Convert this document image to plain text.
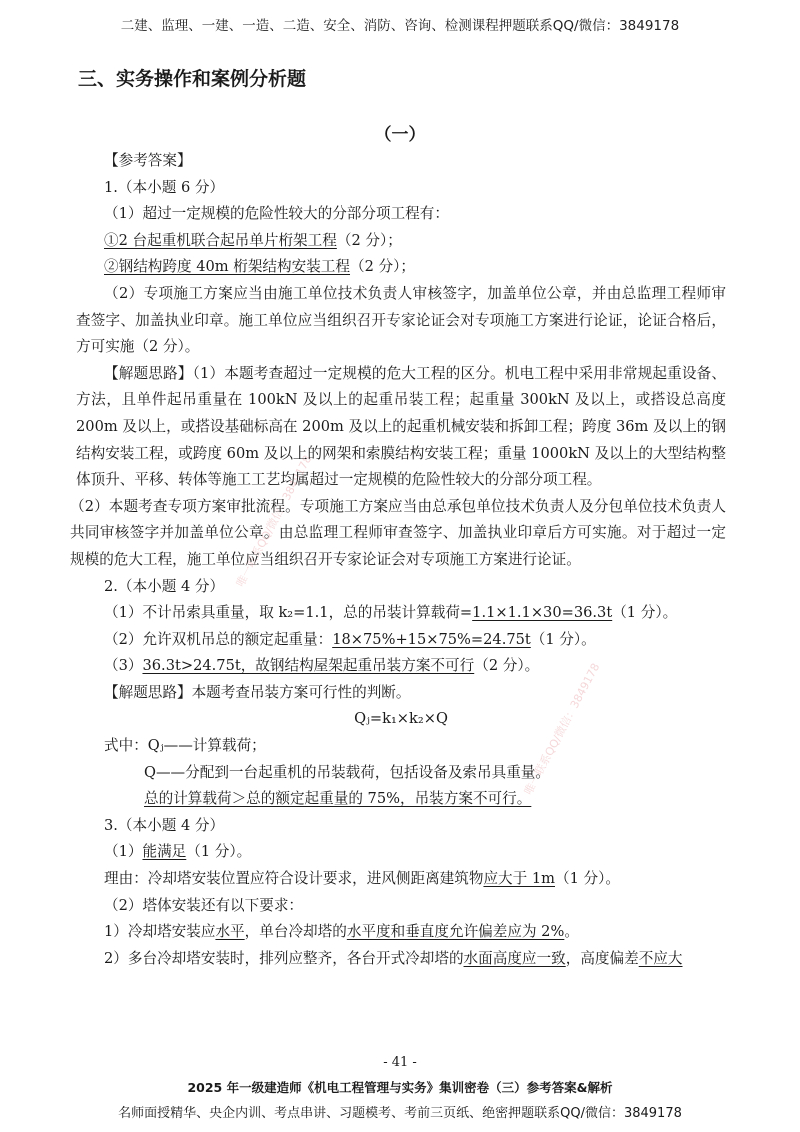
二建、监理、一建、一造、二造、安全、消防、咨询、检测课程押题联系QQ/微信：3849178
三、实务操作和案例分析题
（一）
唯一联系QQ/微信：3849178
唯一联系QQ/微信：3849178

【参考答案】

1.（本小题 6 分）

（1）超过一定规模的危险性较大的分部分项工程有：

①2 台起重机联合起吊单片桁架工程（2 分）；

②钢结构跨度 40m 桁架结构安装工程（2 分）；

（2）专项施工方案应当由施工单位技术负责人审核签字，加盖单位公章，并由总监理工程师审查签字、加盖执业印章。施工单位应当组织召开专家论证会对专项施工方案进行论证，论证合格后，方可实施（2 分）。

【解题思路】（1）本题考查超过一定规模的危大工程的区分。机电工程中采用非常规起重设备、方法，且单件起吊重量在 100kN 及以上的起重吊装工程；起重量 300kN 及以上，或搭设总高度 200m 及以上，或搭设基础标高在 200m 及以上的起重机械安装和拆卸工程；跨度 36m 及以上的钢结构安装工程，或跨度 60m 及以上的网架和索膜结构安装工程；重量 1000kN 及以上的大型结构整体顶升、平移、转体等施工工艺均属超过一定规模的危险性较大的分部分项工程。

（2）本题考查专项方案审批流程。专项施工方案应当由总承包单位技术负责人及分包单位技术负责人共同审核签字并加盖单位公章。由总监理工程师审查签字、加盖执业印章后方可实施。对于超过一定规模的危大工程，施工单位应当组织召开专家论证会对专项施工方案进行论证。

2.（本小题 4 分）

（1）不计吊索具重量，取 k₂=1.1，总的吊装计算载荷=1.1×1.1×30=36.3t（1 分）。

（2）允许双机吊总的额定起重量：18×75%+15×75%=24.75t（1 分）。

（3）36.3t>24.75t，故钢结构屋架起重吊装方案不可行（2 分）。

【解题思路】本题考查吊装方案可行性的判断。

Qⱼ=k₁×k₂×Q

式中：Qⱼ——计算载荷；

Q——分配到一台起重机的吊装载荷，包括设备及索吊具重量。

总的计算载荷＞总的额定起重量的 75%，吊装方案不可行。

3.（本小题 4 分）

（1）能满足（1 分）。

理由：冷却塔安装位置应符合设计要求，进风侧距离建筑物应大于 1m（1 分）。

（2）塔体安装还有以下要求：

1）冷却塔安装应水平，单台冷却塔的水平度和垂直度允许偏差应为 2%。

2）多台冷却塔安装时，排列应整齐，各台开式冷却塔的水面高度应一致，高度偏差不应大

- 41 -
2025 年一级建造师《机电工程管理与实务》集训密卷（三）参考答案&解析
名师面授精华、央企内训、考点串讲、习题模考、考前三页纸、绝密押题联系QQ/微信：3849178
